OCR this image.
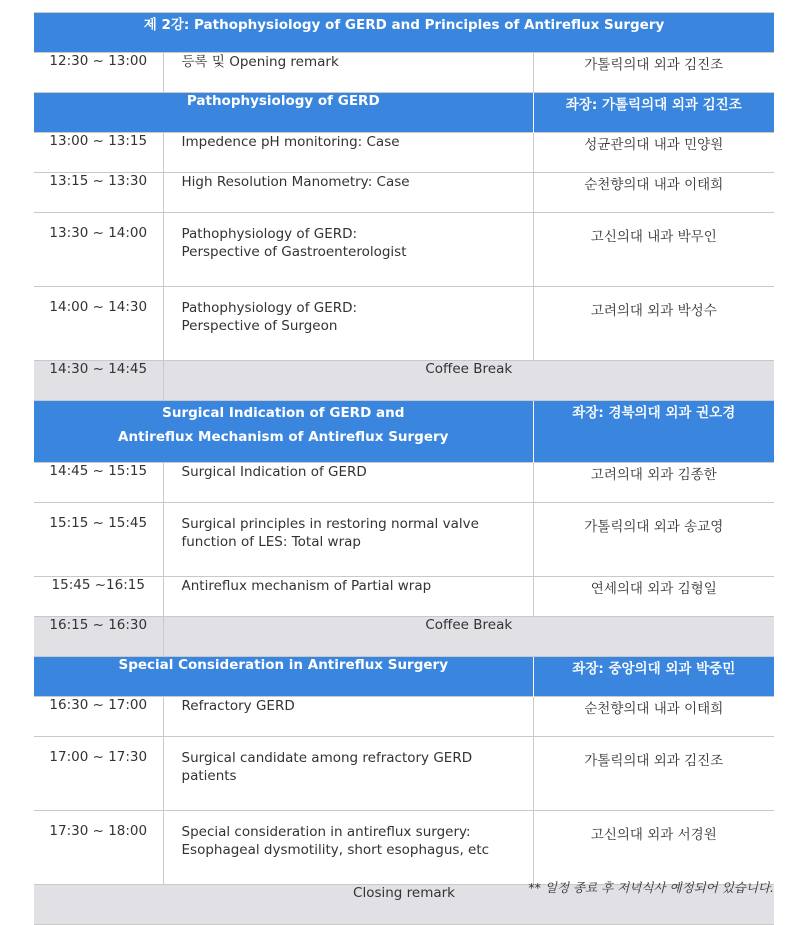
제 2강: Pathophysiology of GERD and Principles of Antireflux Surgery		
12:30 ~ 13:00	등록 및 Opening remark	가톨릭의대 외과 김진조
Pathophysiology of GERD		좌장: 가톨릭의대 외과 김진조
13:00 ~ 13:15	Impedence pH monitoring: Case	성균관의대 내과 민양원
13:15 ~ 13:30	High Resolution Manometry: Case	순천향의대 내과 이태희
13:30 ~ 14:00	Pathophysiology of GERD:
Perspective of Gastroenterologist	고신의대 내과 박무인
14:00 ~ 14:30	Pathophysiology of GERD:
Perspective of Surgeon	고려의대 외과 박성수
14:30 ~ 14:45	Coffee Break	
Surgical Indication of GERD and
Antireflux Mechanism of Antireflux Surgery		좌장: 경북의대 외과 권오경
14:45 ~ 15:15	Surgical Indication of GERD	고려의대 외과 김종한
15:15 ~ 15:45	Surgical principles in restoring normal valve
function of LES: Total wrap	가톨릭의대 외과 송교영
15:45 ~16:15	Antireflux mechanism of Partial wrap	연세의대 외과 김형일
16:15 ~ 16:30	Coffee Break	
Special Consideration in Antireflux Surgery		좌장: 중앙의대 외과 박중민
16:30 ~ 17:00	Refractory GERD	순천향의대 내과 이태희
17:00 ~ 17:30	Surgical candidate among refractory GERD
patients	가톨릭의대 외과 김진조
17:30 ~ 18:00	Special consideration in antireflux surgery:
Esophageal dysmotility, short esophagus, etc	고신의대 외과 서경원
Closing remark			** 일정 종료 후 저녁식사 예정되어 있습니다.
